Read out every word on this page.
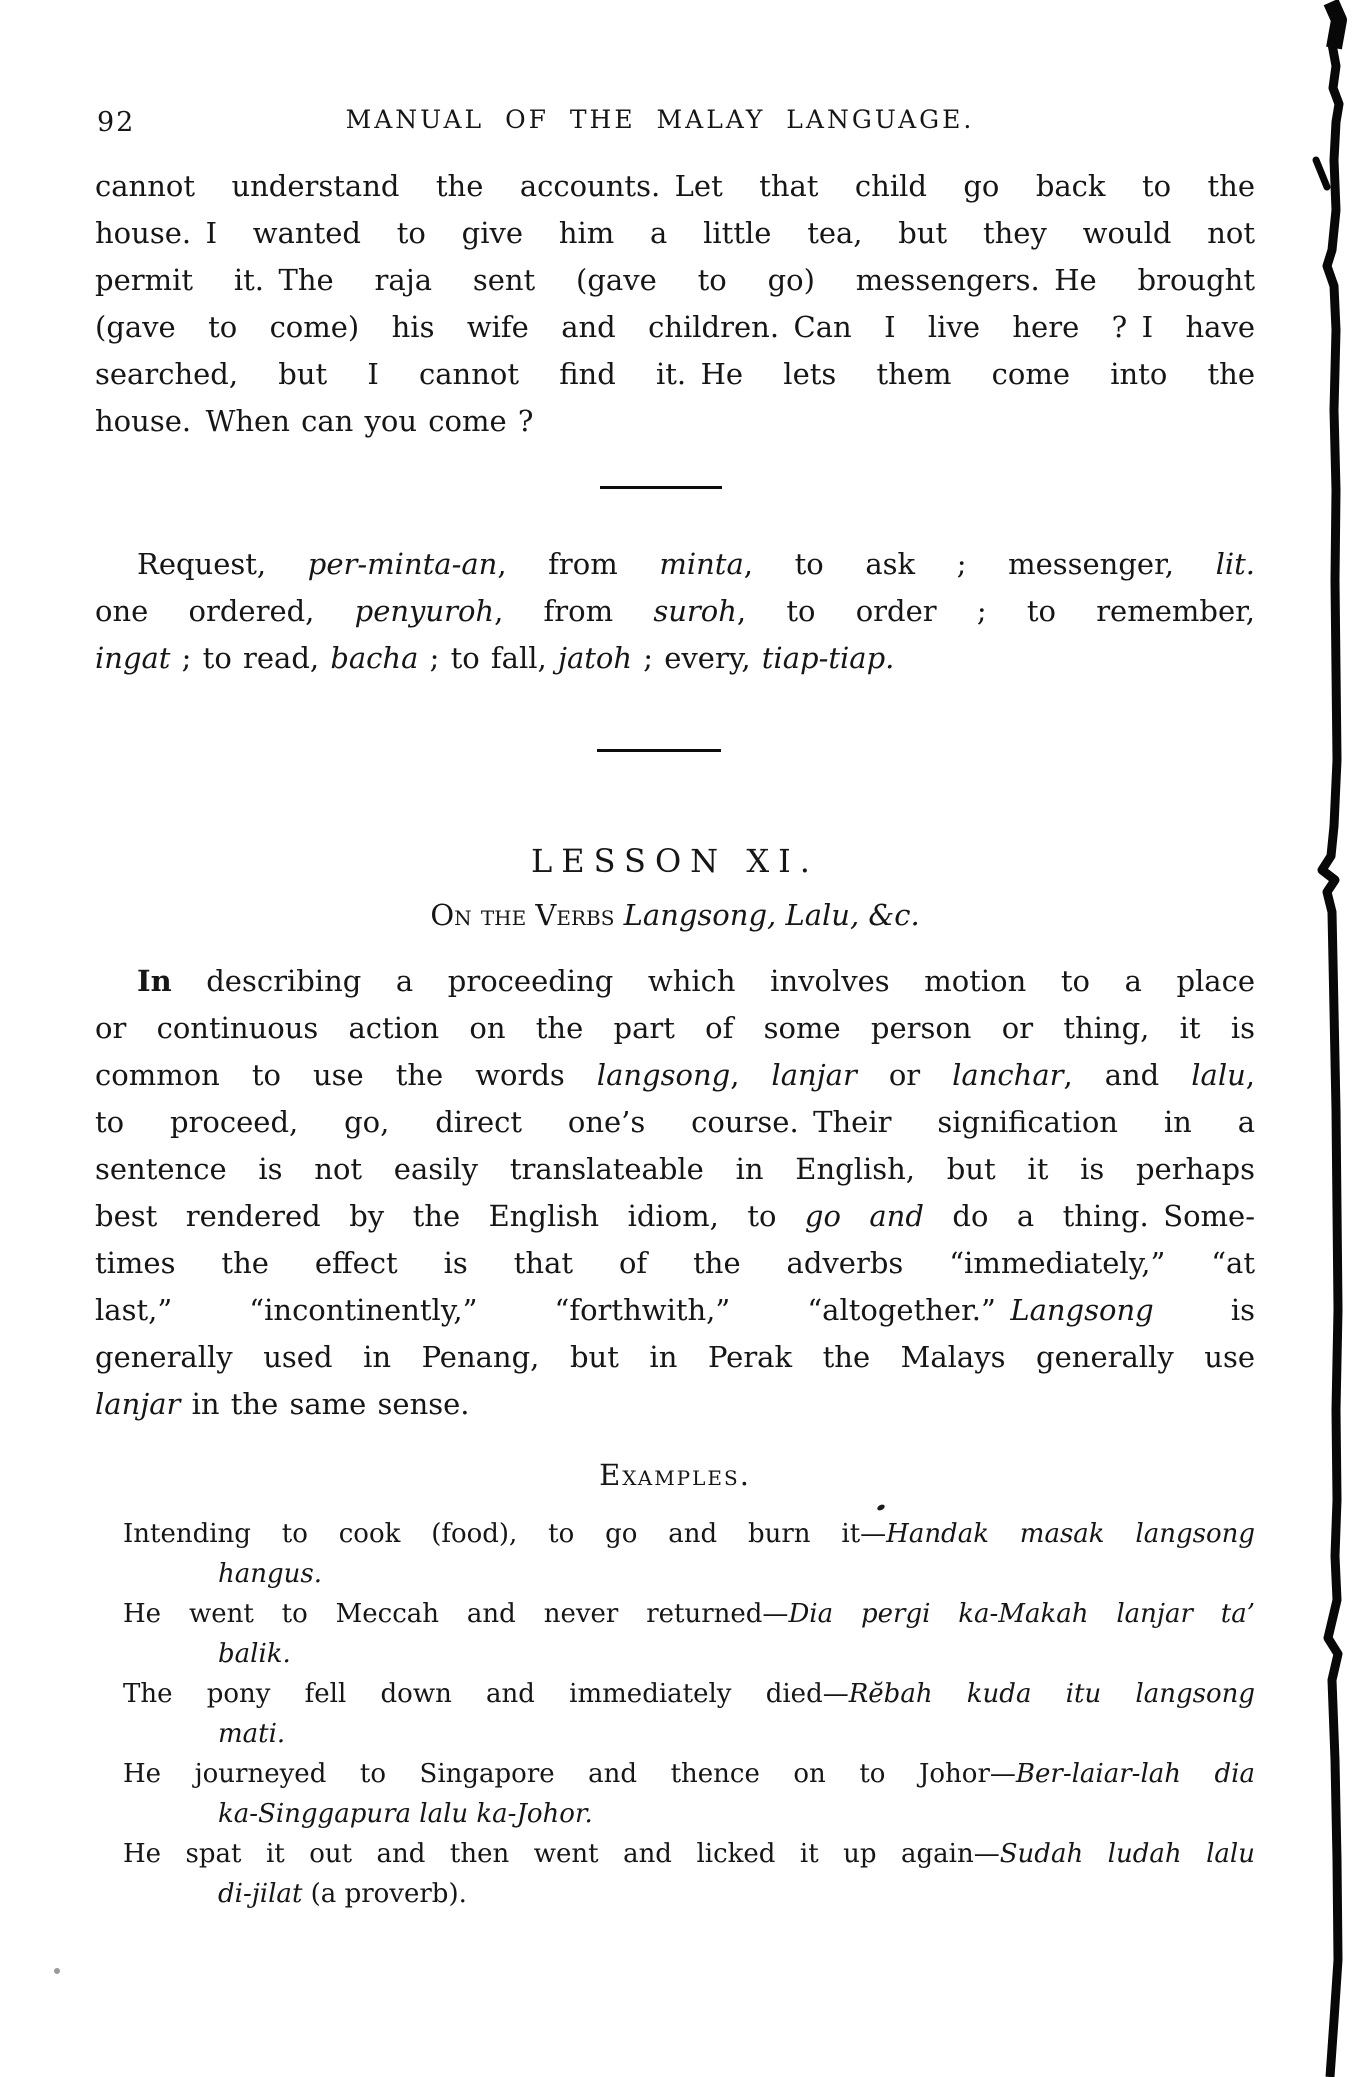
92	MANUAL OF THE MALAY LANGUAGE.
cannot understand the accounts. Let that child go back to the
house. I wanted to give him a little tea, but they would not
permit it. The raja sent (gave to go) messengers. He brought
(gave to come) his wife and children. Can I live here ? I have
searched, but I cannot find it. He lets them come into the
house. When can you come ?
Request, per-minta-an, from minta, to ask ; messenger, lit.
one ordered, penyuroh, from suroh, to order ; to remember,
ingat ; to read, bacha ; to fall, jatoh ; every, tiap-tiap.
LESSON XI.
On the Verbs Langsong, Lalu, &c.
In describing a proceeding which involves motion to a place
or continuous action on the part of some person or thing, it is
common to use the words langsong, lanjar or lanchar, and lalu,
to proceed, go, direct one’s course. Their signification in a
sentence is not easily translateable in English, but it is perhaps
best rendered by the English idiom, to go and do a thing. Some-
times the effect is that of the adverbs “immediately,” “at
last,” “incontinently,” “forthwith,” “altogether.” Langsong is
generally used in Penang, but in Perak the Malays generally use
lanjar in the same sense.
Examples.
Intending to cook (food), to go and burn it—Handak masak langsong
hangus.
He went to Meccah and never returned—Dia pergi ka-Makah lanjar ta’
balik.
The pony fell down and immediately died—Rĕbah kuda itu langsong
mati.
He journeyed to Singapore and thence on to Johor—Ber-laiar-lah dia
ka-Singgapura lalu ka-Johor.
He spat it out and then went and licked it up again—Sudah ludah lalu
di-jilat (a proverb).
